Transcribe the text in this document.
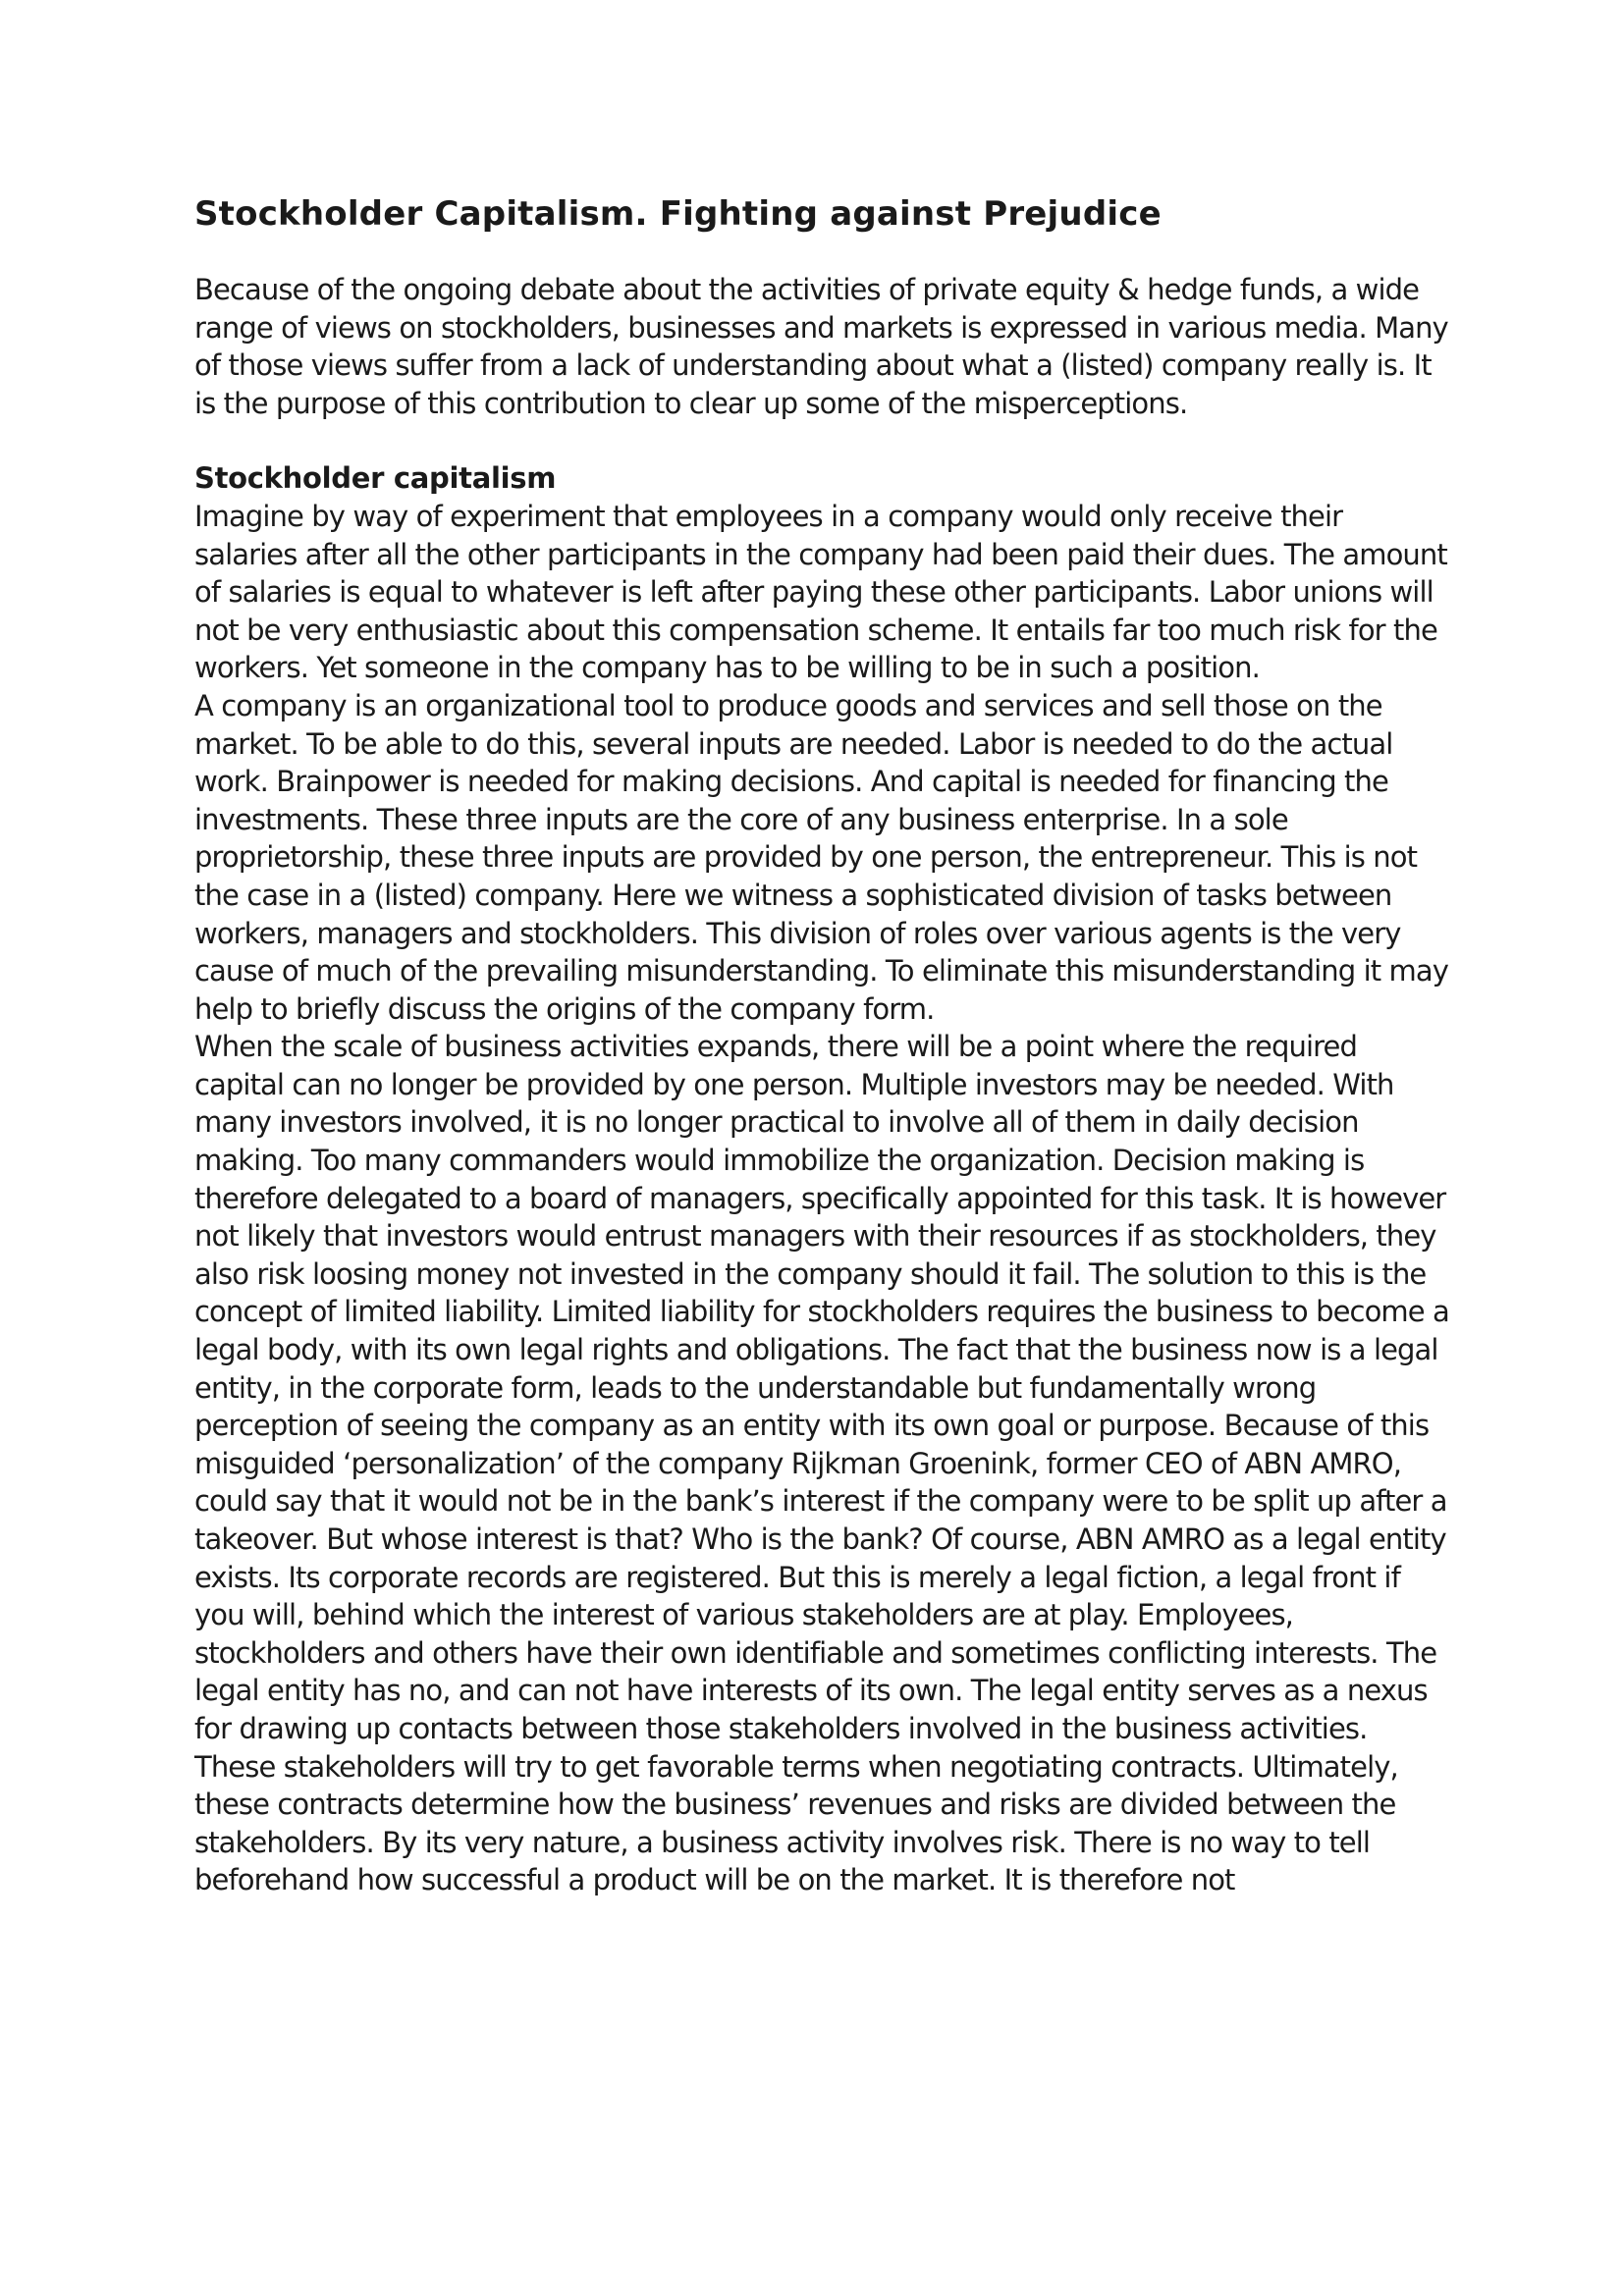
Stockholder Capitalism. Fighting against Prejudice

Because of the ongoing debate about the activities of private equity & hedge funds, a wide range of views on stockholders, businesses and markets is expressed in various media. Many of those views suffer from a lack of understanding about what a (listed) company really is. It is the purpose of this contribution to clear up some of the misperceptions.

Stockholder capitalism

Imagine by way of experiment that employees in a company would only receive their salaries after all the other participants in the company had been paid their dues. The amount of salaries is equal to whatever is left after paying these other participants. Labor unions will not be very enthusiastic about this compensation scheme. It entails far too much risk for the workers. Yet someone in the company has to be willing to be in such a position.

A company is an organizational tool to produce goods and services and sell those on the market. To be able to do this, several inputs are needed. Labor is needed to do the actual work. Brainpower is needed for making decisions. And capital is needed for financing the investments. These three inputs are the core of any business enterprise. In a sole proprietorship, these three inputs are provided by one person, the entrepreneur. This is not the case in a (listed) company. Here we witness a sophisticated division of tasks between workers, managers and stockholders. This division of roles over various agents is the very cause of much of the prevailing misunderstanding. To eliminate this misunderstanding it may help to briefly discuss the origins of the company form.

When the scale of business activities expands, there will be a point where the required capital can no longer be provided by one person. Multiple investors may be needed. With many investors involved, it is no longer practical to involve all of them in daily decision making. Too many commanders would immobilize the organization. Decision making is therefore delegated to a board of managers, specifically appointed for this task. It is however not likely that investors would entrust managers with their resources if as stockholders, they also risk loosing money not invested in the company should it fail. The solution to this is the concept of limited liability. Limited liability for stockholders requires the business to become a legal body, with its own legal rights and obligations. The fact that the business now is a legal entity, in the corporate form, leads to the understandable but fundamentally wrong perception of seeing the company as an entity with its own goal or purpose. Because of this misguided ‘personalization’ of the company Rijkman Groenink, former CEO of ABN AMRO, could say that it would not be in the bank’s interest if the company were to be split up after a takeover. But whose interest is that? Who is the bank? Of course, ABN AMRO as a legal entity exists. Its corporate records are registered. But this is merely a legal fiction, a legal front if you will, behind which the interest of various stakeholders are at play. Employees, stockholders and others have their own identifiable and sometimes conflicting interests. The legal entity has no, and can not have interests of its own. The legal entity serves as a nexus for drawing up contacts between those stakeholders involved in the business activities. These stakeholders will try to get favorable terms when negotiating contracts. Ultimately, these contracts determine how the business’ revenues and risks are divided between the stakeholders. By its very nature, a business activity involves risk. There is no way to tell beforehand how successful a product will be on the market. It is therefore not
